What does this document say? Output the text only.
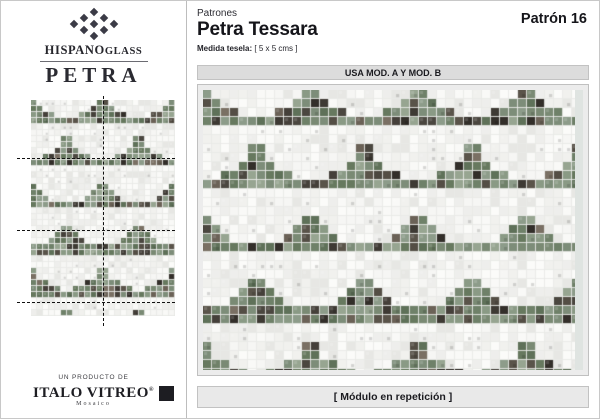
HISPANOGLASS
PETRA
UN PRODUCTO DE
ITALO VITREO®
Mosaico
Patrones
Petra Tessara
Medida tesela: [ 5 x 5 cms ]
Patrón 16
USA MOD. A Y MOD. B
[ Módulo en repetición ]
